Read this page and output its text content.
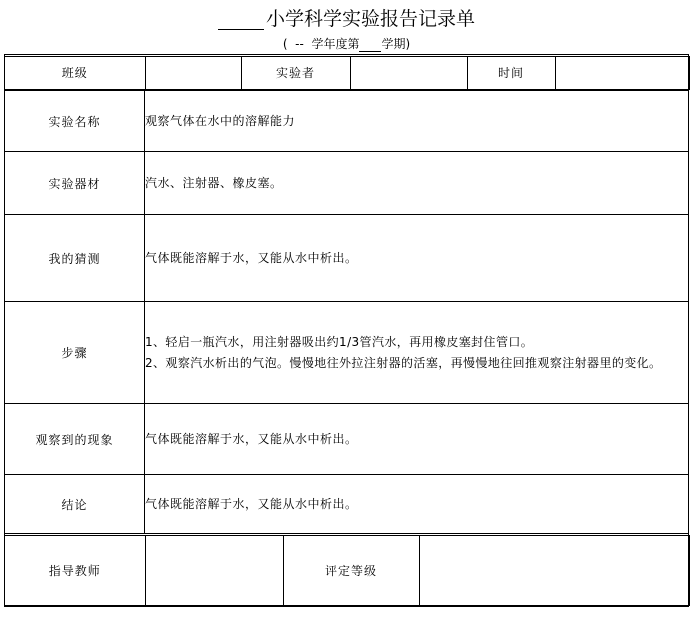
小学科学实验报告记录单
( -- 学年度第 学期)
班级		实验者		时间	

实验名称	观察气体在水中的溶解能力
实验器材	汽水、注射器、橡皮塞。
我的猜测	气体既能溶解于水，又能从水中析出。
步骤	
1、轻启一瓶汽水，用注射器吸出约1/3管汽水，再用橡皮塞封住管口。
2、观察汽水析出的气泡。慢慢地往外拉注射器的活塞，再慢慢地往回推观察注射器里的变化。

观察到的现象	气体既能溶解于水，又能从水中析出。
结论	气体既能溶解于水，又能从水中析出。

指导教师		评定等级	
